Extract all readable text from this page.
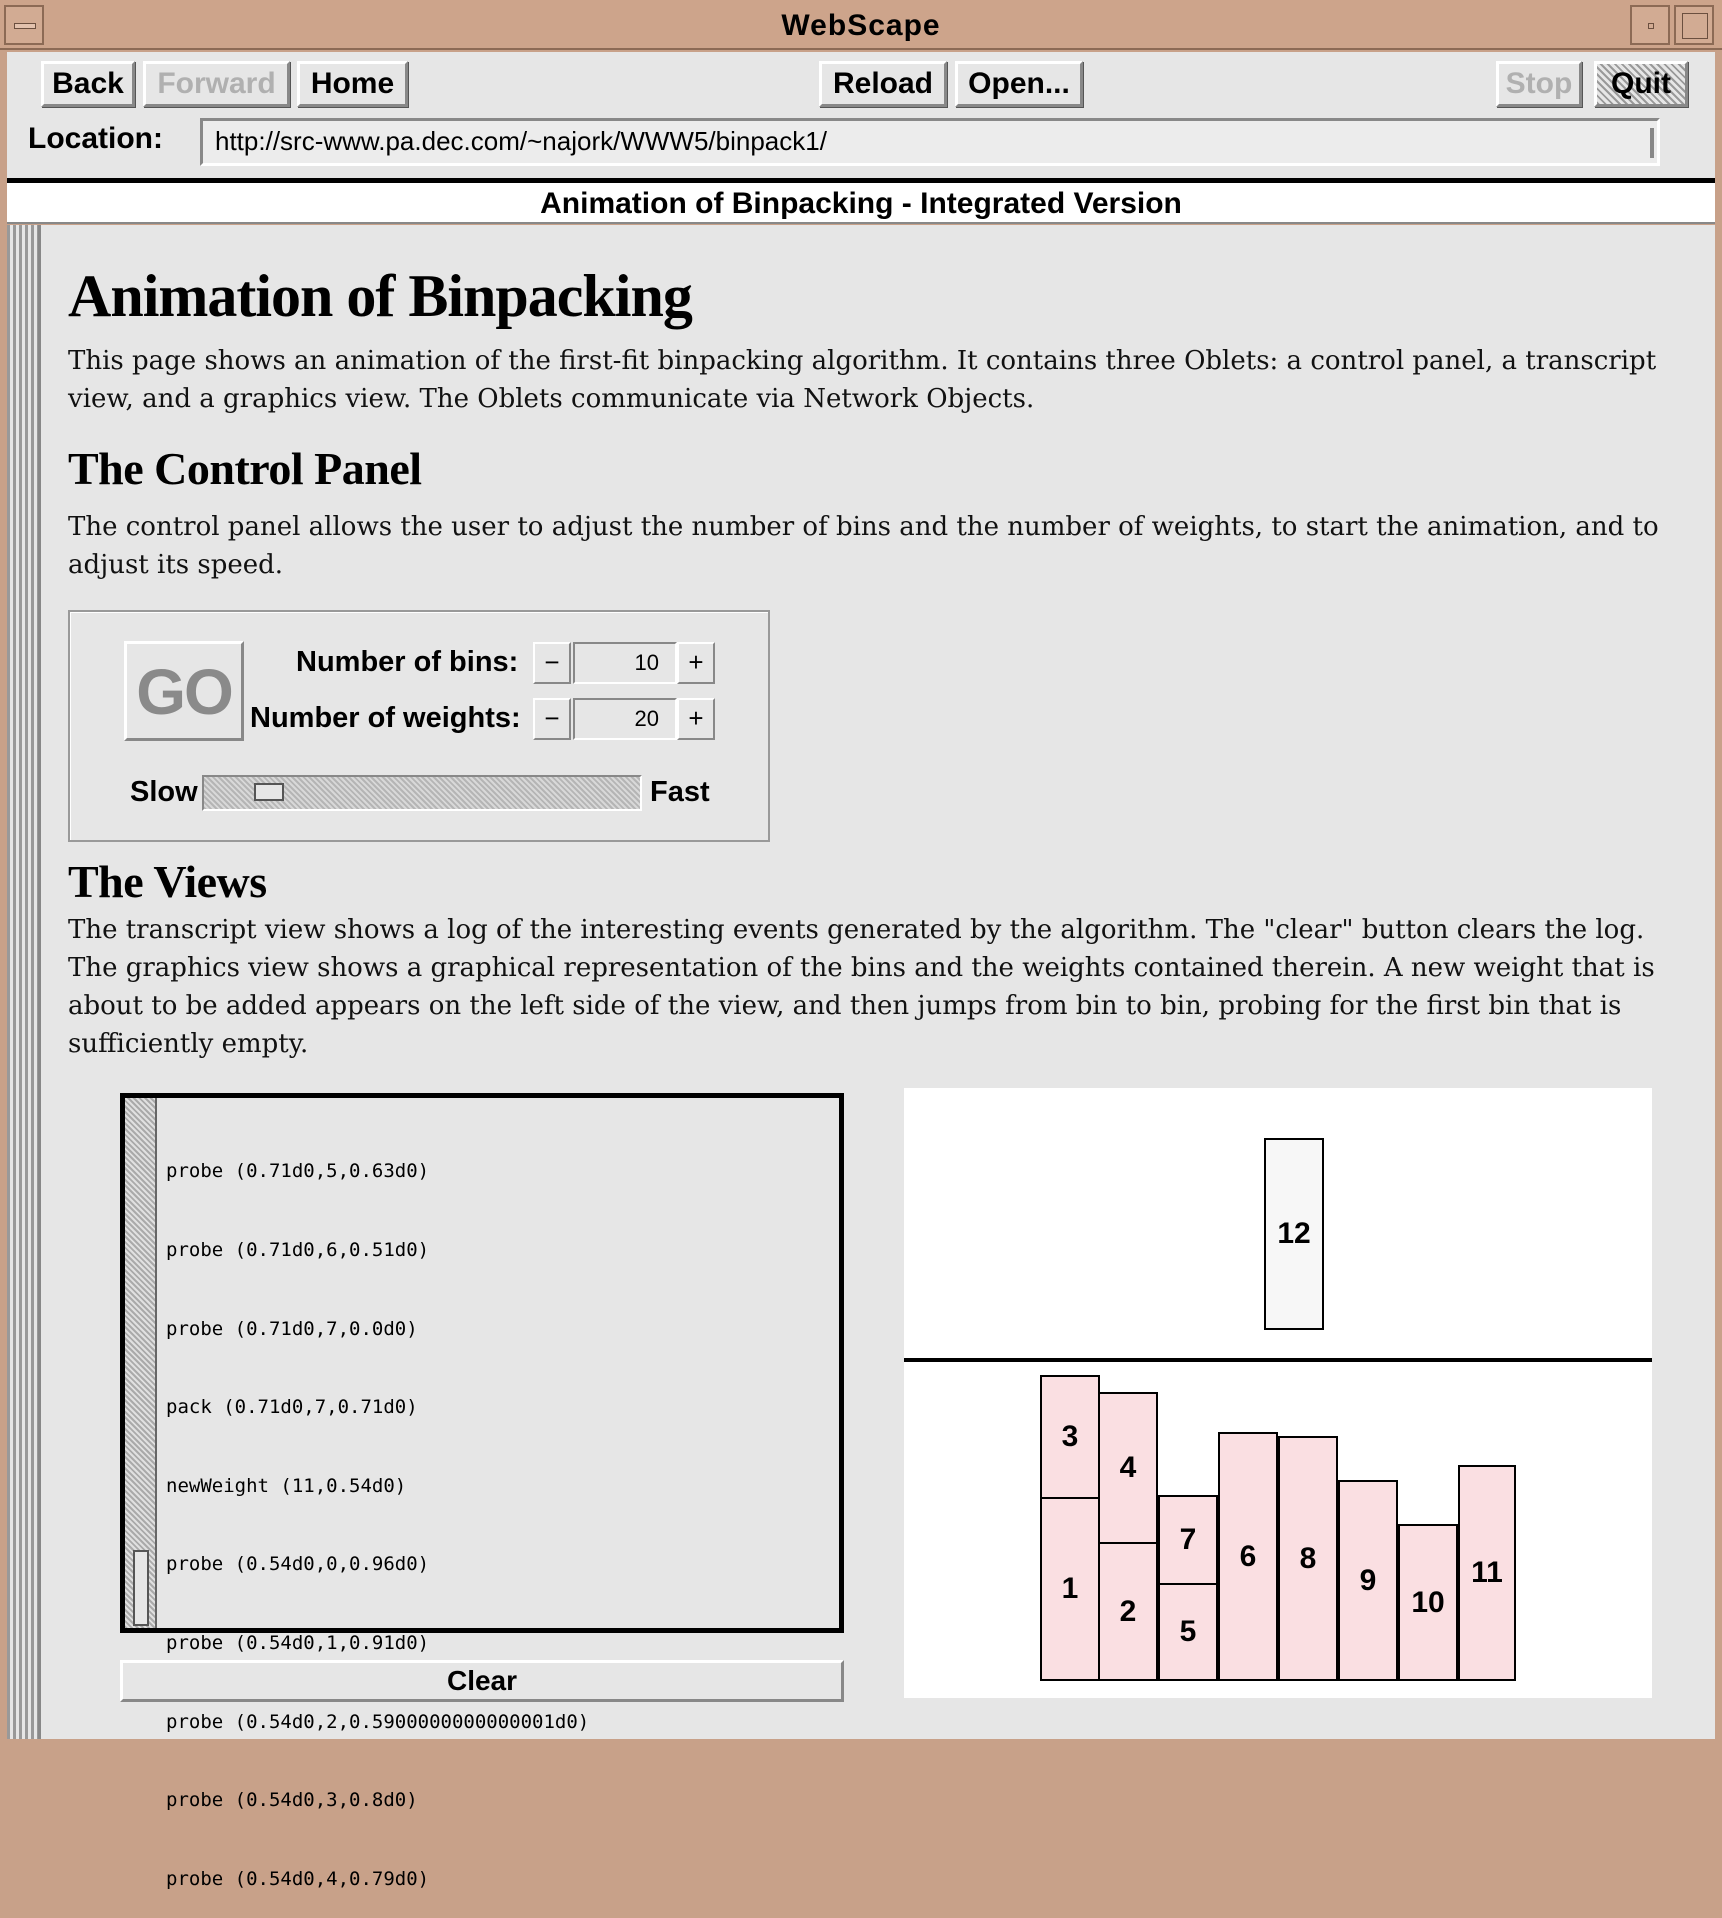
WebScape
Back	Forward	Home	Reload	Open...	Stop	Quit
Location:	http://src-www.pa.dec.com/~najork/WWW5/binpack1/
Animation of Binpacking - Integrated Version
Animation of Binpacking

This page shows an animation of the first-fit binpacking algorithm. It contains three Oblets: a control panel, a transcript view, and a graphics view. The Oblets communicate via Network Objects.

The Control Panel

The control panel allows the user to adjust the number of bins and the number of weights, to start the animation, and to adjust its speed.

GO	Number of bins:	−	10	+
Number of weights: −	20	+
Slow	Fast
The Views

The transcript view shows a log of the interesting events generated by the algorithm. The "clear" button clears the log. The graphics view shows a graphical representation of the bins and the weights contained therein. A new weight that is about to be added appears on the left side of the view, and then jumps from bin to bin, probing for the first bin that is sufficiently empty.

probe (0.71d0,5,0.63d0)

probe (0.71d0,6,0.51d0)

probe (0.71d0,7,0.0d0)

pack (0.71d0,7,0.71d0)

newWeight (11,0.54d0)

probe (0.54d0,0,0.96d0)

probe (0.54d0,1,0.91d0)

probe (0.54d0,2,0.5900000000000001d0)

probe (0.54d0,3,0.8d0)

probe (0.54d0,4,0.79d0)

Clear
12
3
1
4
2
7
5
6	8
9
10
11
